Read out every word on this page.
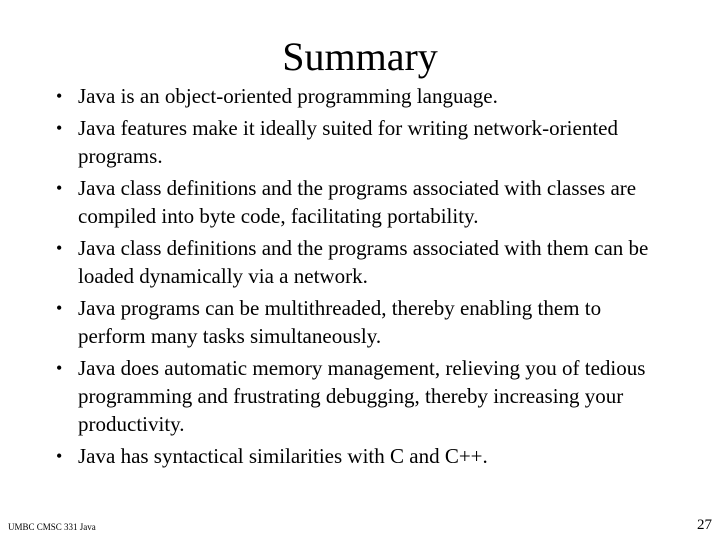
Summary
• Java is an object-oriented programming language.
• Java features make it ideally suited for writing network-oriented programs.
• Java class definitions and the programs associated with classes are compiled into byte code, facilitating portability.
• Java class definitions and the programs associated with them can be loaded dynamically via a network.
• Java programs can be multithreaded, thereby enabling them to perform many tasks simultaneously.
• Java does automatic memory management, relieving you of tedious programming and frustrating debugging, thereby increasing your productivity.
• Java has syntactical similarities with C and C++.
UMBC CMSC 331 Java	27
